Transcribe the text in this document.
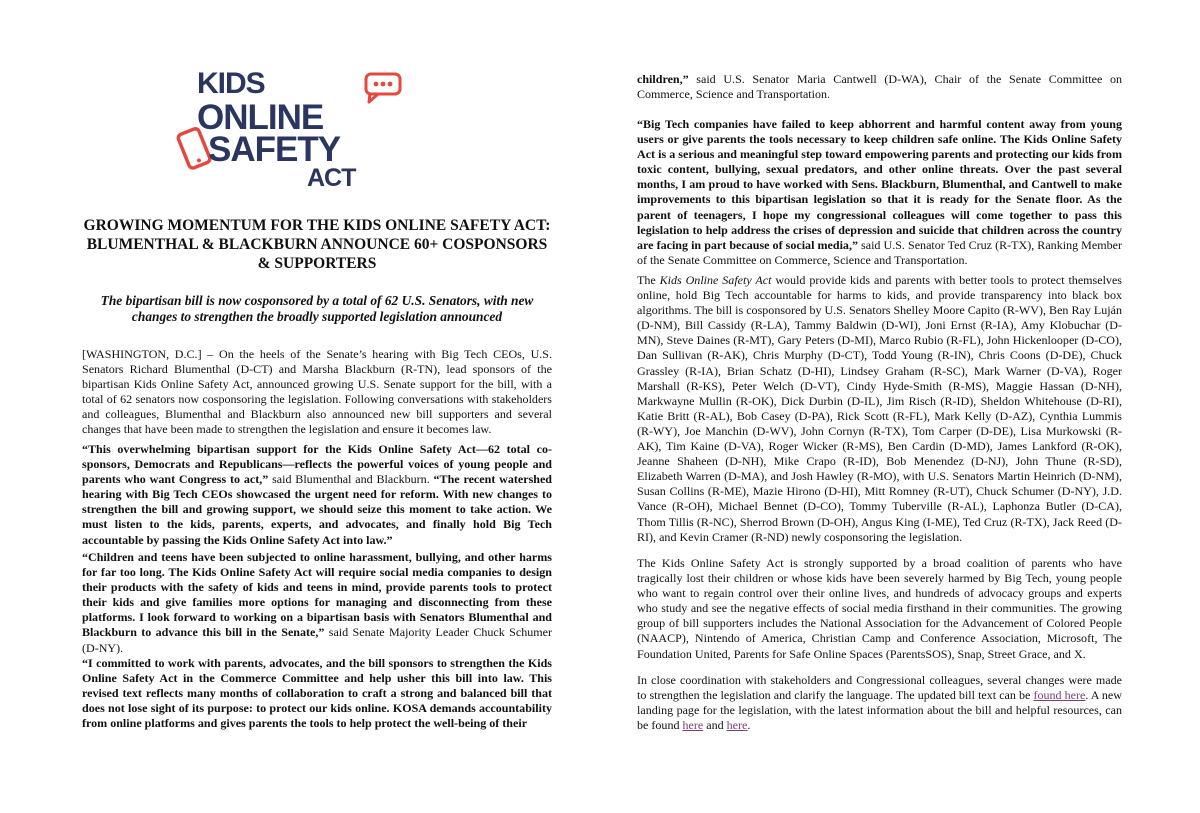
KIDS
ONLINE
SAFETY
ACT
GROWING MOMENTUM FOR THE KIDS ONLINE SAFETY ACT: BLUMENTHAL & BLACKBURN ANNOUNCE 60+ COSPONSORS & SUPPORTERS
The bipartisan bill is now cosponsored by a total of 62 U.S. Senators, with new changes to strengthen the broadly supported legislation announced

[WASHINGTON, D.C.] – On the heels of the Senate’s hearing with Big Tech CEOs, U.S. Senators Richard Blumenthal (D-CT) and Marsha Blackburn (R-TN), lead sponsors of the bipartisan Kids Online Safety Act, announced growing U.S. Senate support for the bill, with a total of 62 senators now cosponsoring the legislation. Following conversations with stakeholders and colleagues, Blumenthal and Blackburn also announced new bill supporters and several changes that have been made to strengthen the legislation and ensure it becomes law.

“This overwhelming bipartisan support for the Kids Online Safety Act—62 total co-sponsors, Democrats and Republicans—reflects the powerful voices of young people and parents who want Congress to act,” said Blumenthal and Blackburn. “The recent watershed hearing with Big Tech CEOs showcased the urgent need for reform. With new changes to strengthen the bill and growing support, we should seize this moment to take action. We must listen to the kids, parents, experts, and advocates, and finally hold Big Tech accountable by passing the Kids Online Safety Act into law.”

“Children and teens have been subjected to online harassment, bullying, and other harms for far too long. The Kids Online Safety Act will require social media companies to design their products with the safety of kids and teens in mind, provide parents tools to protect their kids and give families more options for managing and disconnecting from these platforms. I look forward to working on a bipartisan basis with Senators Blumenthal and Blackburn to advance this bill in the Senate,” said Senate Majority Leader Chuck Schumer (D-NY).

“I committed to work with parents, advocates, and the bill sponsors to strengthen the Kids Online Safety Act in the Commerce Committee and help usher this bill into law. This revised text reflects many months of collaboration to craft a strong and balanced bill that does not lose sight of its purpose: to protect our kids online. KOSA demands accountability from online platforms and gives parents the tools to help protect the well-being of their

children,” said U.S. Senator Maria Cantwell (D-WA), Chair of the Senate Committee on Commerce, Science and Transportation.

“Big Tech companies have failed to keep abhorrent and harmful content away from young users or give parents the tools necessary to keep children safe online. The Kids Online Safety Act is a serious and meaningful step toward empowering parents and protecting our kids from toxic content, bullying, sexual predators, and other online threats. Over the past several months, I am proud to have worked with Sens. Blackburn, Blumenthal, and Cantwell to make improvements to this bipartisan legislation so that it is ready for the Senate floor. As the parent of teenagers, I hope my congressional colleagues will come together to pass this legislation to help address the crises of depression and suicide that children across the country are facing in part because of social media,” said U.S. Senator Ted Cruz (R-TX), Ranking Member of the Senate Committee on Commerce, Science and Transportation.

The Kids Online Safety Act would provide kids and parents with better tools to protect themselves online, hold Big Tech accountable for harms to kids, and provide transparency into black box algorithms. The bill is cosponsored by U.S. Senators Shelley Moore Capito (R-WV), Ben Ray Luján (D-NM), Bill Cassidy (R-LA), Tammy Baldwin (D-WI), Joni Ernst (R-IA), Amy Klobuchar (D-MN), Steve Daines (R-MT), Gary Peters (D-MI), Marco Rubio (R-FL), John Hickenlooper (D-CO), Dan Sullivan (R-AK), Chris Murphy (D-CT), Todd Young (R-IN), Chris Coons (D-DE), Chuck Grassley (R-IA), Brian Schatz (D-HI), Lindsey Graham (R-SC), Mark Warner (D-VA), Roger Marshall (R-KS), Peter Welch (D-VT), Cindy Hyde-Smith (R-MS), Maggie Hassan (D-NH), Markwayne Mullin (R-OK), Dick Durbin (D-IL), Jim Risch (R-ID), Sheldon Whitehouse (D-RI), Katie Britt (R-AL), Bob Casey (D-PA), Rick Scott (R-FL), Mark Kelly (D-AZ), Cynthia Lummis (R-WY), Joe Manchin (D-WV), John Cornyn (R-TX), Tom Carper (D-DE), Lisa Murkowski (R-AK), Tim Kaine (D-VA), Roger Wicker (R-MS), Ben Cardin (D-MD), James Lankford (R-OK), Jeanne Shaheen (D-NH), Mike Crapo (R-ID), Bob Menendez (D-NJ), John Thune (R-SD), Elizabeth Warren (D-MA), and Josh Hawley (R-MO), with U.S. Senators Martin Heinrich (D-NM), Susan Collins (R-ME), Mazie Hirono (D-HI), Mitt Romney (R-UT), Chuck Schumer (D-NY), J.D. Vance (R-OH), Michael Bennet (D-CO), Tommy Tuberville (R-AL), Laphonza Butler (D-CA), Thom Tillis (R-NC), Sherrod Brown (D-OH), Angus King (I-ME), Ted Cruz (R-TX), Jack Reed (D-RI), and Kevin Cramer (R-ND) newly cosponsoring the legislation.

The Kids Online Safety Act is strongly supported by a broad coalition of parents who have tragically lost their children or whose kids have been severely harmed by Big Tech, young people who want to regain control over their online lives, and hundreds of advocacy groups and experts who study and see the negative effects of social media firsthand in their communities. The growing group of bill supporters includes the National Association for the Advancement of Colored People (NAACP), Nintendo of America, Christian Camp and Conference Association, Microsoft, The Foundation United, Parents for Safe Online Spaces (ParentsSOS), Snap, Street Grace, and X.

In close coordination with stakeholders and Congressional colleagues, several changes were made to strengthen the legislation and clarify the language. The updated bill text can be found here. A new landing page for the legislation, with the latest information about the bill and helpful resources, can be found here and here.
